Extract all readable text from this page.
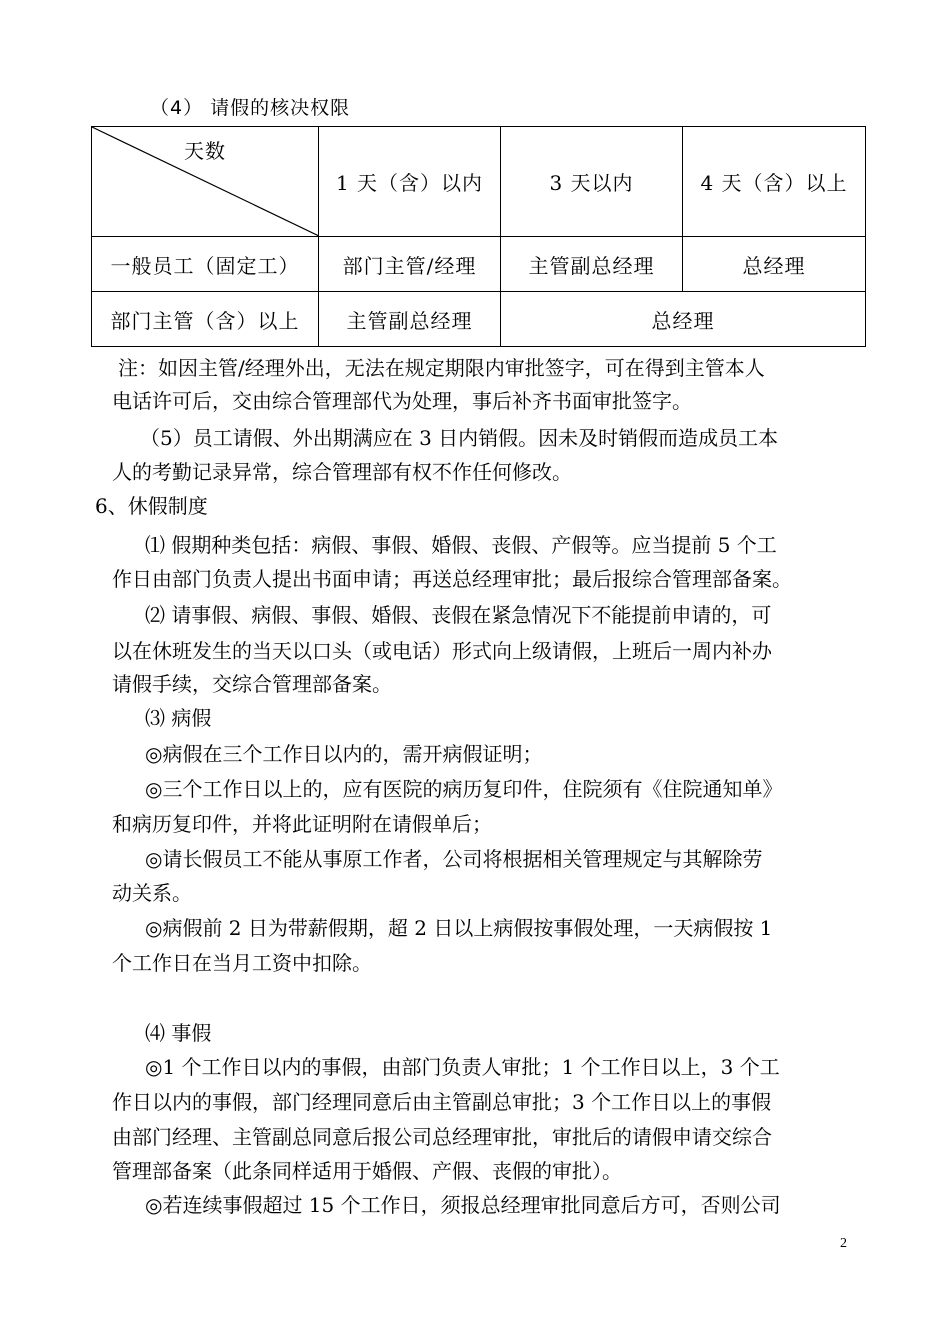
（4） 请假的核决权限
天数	1 天（含）以内	3 天以内	4 天（含）以上
一般员工（固定工）	部门主管/经理	主管副总经理	总经理
部门主管（含）以上	主管副总经理	总经理	
注：如因主管/经理外出，无法在规定期限内审批签字，可在得到主管本人
电话许可后，交由综合管理部代为处理，事后补齐书面审批签字。
（5）员工请假、外出期满应在 3 日内销假。因未及时销假而造成员工本
人的考勤记录异常，综合管理部有权不作任何修改。
6、休假制度
⑴ 假期种类包括：病假、事假、婚假、丧假、产假等。应当提前 5 个工
作日由部门负责人提出书面申请；再送总经理审批；最后报综合管理部备案。
⑵ 请事假、病假、事假、婚假、丧假在紧急情况下不能提前申请的，可
以在休班发生的当天以口头（或电话）形式向上级请假，上班后一周内补办
请假手续，交综合管理部备案。
⑶ 病假
◎病假在三个工作日以内的，需开病假证明；
◎三个工作日以上的，应有医院的病历复印件，住院须有《住院通知单》
和病历复印件，并将此证明附在请假单后；
◎请长假员工不能从事原工作者，公司将根据相关管理规定与其解除劳
动关系。
◎病假前 2 日为带薪假期，超 2 日以上病假按事假处理，一天病假按 1
个工作日在当月工资中扣除。
⑷ 事假
◎1 个工作日以内的事假，由部门负责人审批；1 个工作日以上，3 个工
作日以内的事假，部门经理同意后由主管副总审批；3 个工作日以上的事假
由部门经理、主管副总同意后报公司总经理审批，审批后的请假申请交综合
管理部备案（此条同样适用于婚假、产假、丧假的审批）。
◎若连续事假超过 15 个工作日，须报总经理审批同意后方可，否则公司
2
